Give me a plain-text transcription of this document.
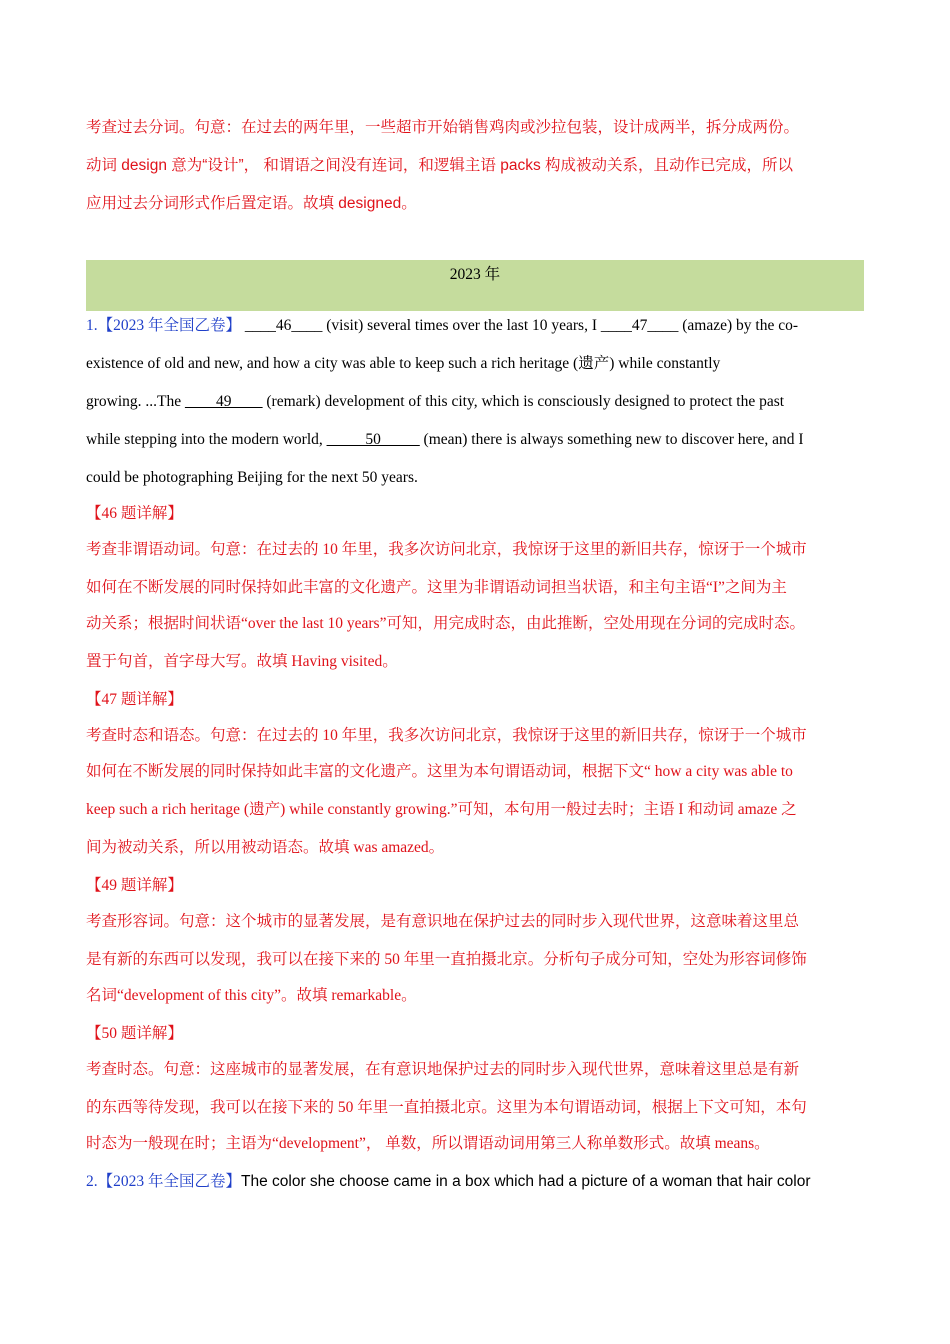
考查过去分词。句意：在过去的两年里，一些超市开始销售鸡肉或沙拉包装，设计成两半，拆分成两份。
动词 design 意为“设计”， 和谓语之间没有连词，和逻辑主语 packs 构成被动关系，且动作已完成，所以
应用过去分词形式作后置定语。故填 designed。
2023 年
1.【2023 年全国乙卷】 ____46____ (visit) several times over the last 10 years, I ____47____ (amaze) by the co-
existence of old and new, and how a city was able to keep such a rich heritage (遗产) while constantly
growing. ...The ____49____ (remark) development of this city, which is consciously designed to protect the past
while stepping into the modern world, _____50_____ (mean) there is always something new to discover here, and I
could be photographing Beijing for the next 50 years.
【46 题详解】
考查非谓语动词。句意：在过去的 10 年里，我多次访问北京，我惊讶于这里的新旧共存，惊讶于一个城市
如何在不断发展的同时保持如此丰富的文化遗产。这里为非谓语动词担当状语，和主句主语“I”之间为主
动关系；根据时间状语“over the last 10 years”可知，用完成时态，由此推断，空处用现在分词的完成时态。
置于句首，首字母大写。故填 Having visited。
【47 题详解】
考查时态和语态。句意：在过去的 10 年里，我多次访问北京，我惊讶于这里的新旧共存，惊讶于一个城市
如何在不断发展的同时保持如此丰富的文化遗产。这里为本句谓语动词，根据下文“ how a city was able to
keep such a rich heritage (遗产) while constantly growing.”可知，本句用一般过去时；主语 I 和动词 amaze 之
间为被动关系，所以用被动语态。故填 was amazed。
【49 题详解】
考查形容词。句意：这个城市的显著发展，是有意识地在保护过去的同时步入现代世界，这意味着这里总
是有新的东西可以发现，我可以在接下来的 50 年里一直拍摄北京。分析句子成分可知，空处为形容词修饰
名词“development of this city”。故填 remarkable。
【50 题详解】
考查时态。句意：这座城市的显著发展，在有意识地保护过去的同时步入现代世界，意味着这里总是有新
的东西等待发现，我可以在接下来的 50 年里一直拍摄北京。这里为本句谓语动词，根据上下文可知，本句
时态为一般现在时；主语为“development”， 单数，所以谓语动词用第三人称单数形式。故填 means。
2.【2023 年全国乙卷】The color she choose came in a box which had a picture of a woman that hair color
